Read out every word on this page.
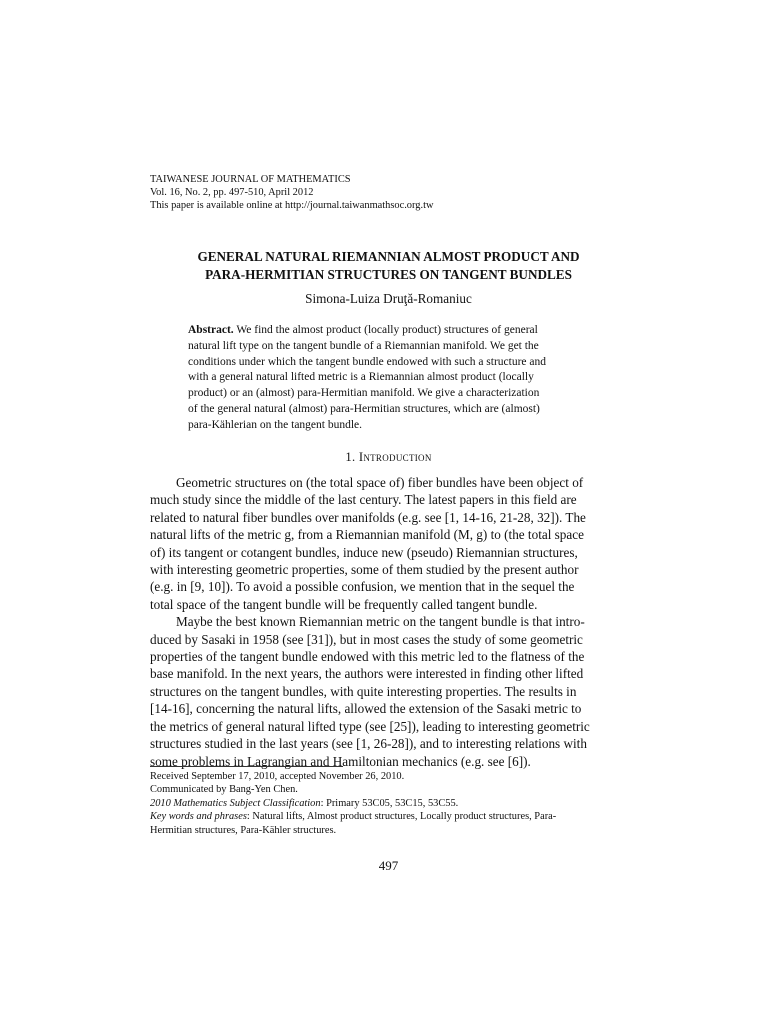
TAIWANESE JOURNAL OF MATHEMATICS
Vol. 16, No. 2, pp. 497-510, April 2012
This paper is available online at http://journal.taiwanmathsoc.org.tw
GENERAL NATURAL RIEMANNIAN ALMOST PRODUCT AND
PARA-HERMITIAN STRUCTURES ON TANGENT BUNDLES
Simona-Luiza Druţă-Romaniuc
Abstract. We find the almost product (locally product) structures of general
natural lift type on the tangent bundle of a Riemannian manifold. We get the
conditions under which the tangent bundle endowed with such a structure and
with a general natural lifted metric is a Riemannian almost product (locally
product) or an (almost) para-Hermitian manifold. We give a characterization
of the general natural (almost) para-Hermitian structures, which are (almost)
para-Kählerian on the tangent bundle.
1. Introduction
Geometric structures on (the total space of) fiber bundles have been object of
much study since the middle of the last century. The latest papers in this field are
related to natural fiber bundles over manifolds (e.g. see [1, 14-16, 21-28, 32]). The
natural lifts of the metric g, from a Riemannian manifold (M, g) to (the total space
of) its tangent or cotangent bundles, induce new (pseudo) Riemannian structures,
with interesting geometric properties, some of them studied by the present author
(e.g. in [9, 10]). To avoid a possible confusion, we mention that in the sequel the
total space of the tangent bundle will be frequently called tangent bundle.
Maybe the best known Riemannian metric on the tangent bundle is that intro-
duced by Sasaki in 1958 (see [31]), but in most cases the study of some geometric
properties of the tangent bundle endowed with this metric led to the flatness of the
base manifold. In the next years, the authors were interested in finding other lifted
structures on the tangent bundles, with quite interesting properties. The results in
[14-16], concerning the natural lifts, allowed the extension of the Sasaki metric to
the metrics of general natural lifted type (see [25]), leading to interesting geometric
structures studied in the last years (see [1, 26-28]), and to interesting relations with
some problems in Lagrangian and Hamiltonian mechanics (e.g. see [6]).
Received September 17, 2010, accepted November 26, 2010.
Communicated by Bang-Yen Chen.
2010 Mathematics Subject Classification: Primary 53C05, 53C15, 53C55.
Key words and phrases: Natural lifts, Almost product structures, Locally product structures, Para-
Hermitian structures, Para-Kähler structures.
497
